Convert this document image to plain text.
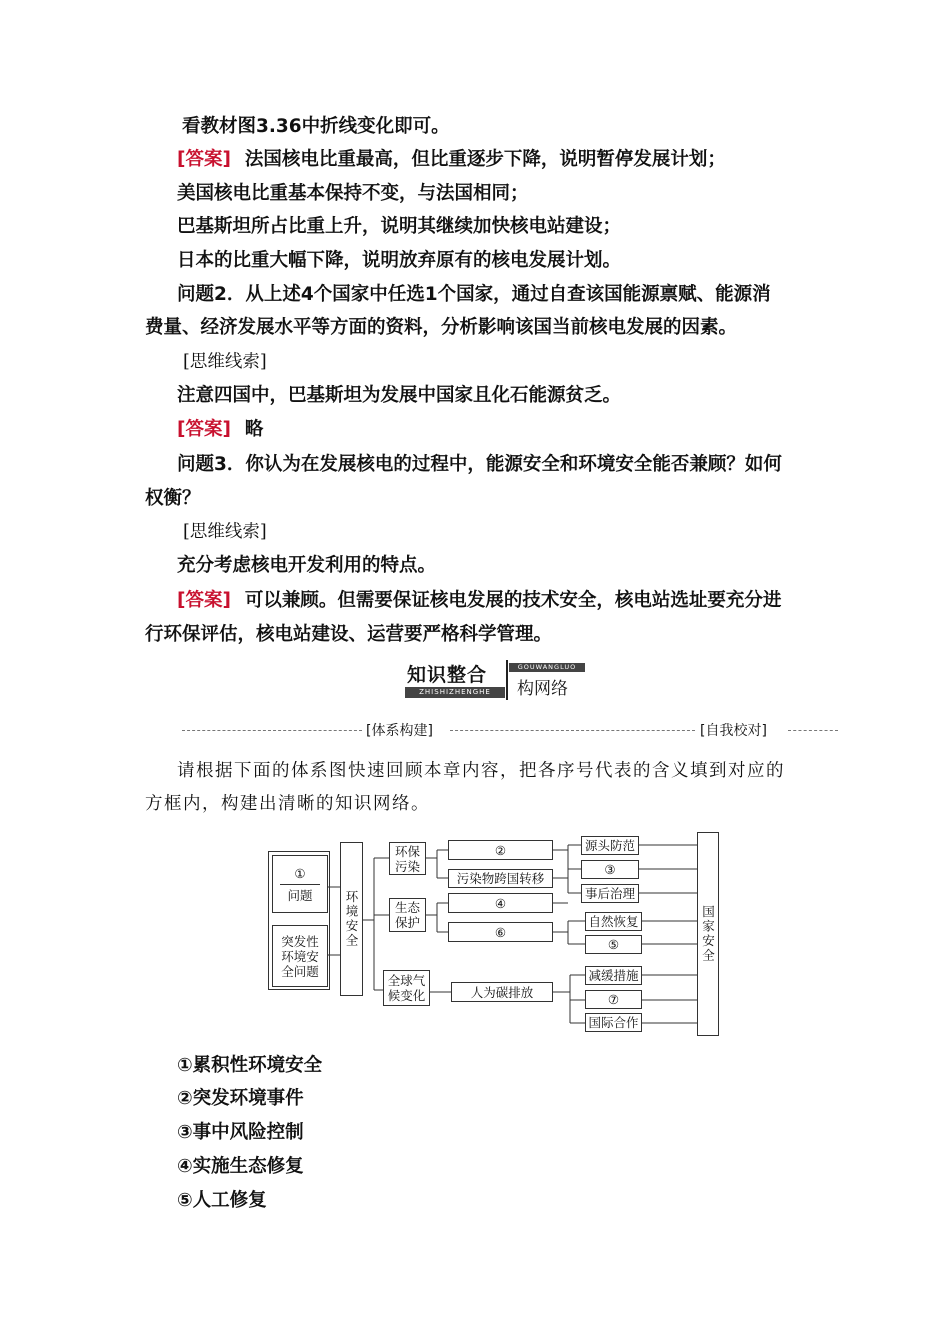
看教材图3.36中折线变化即可。
[答案] 法国核电比重最高，但比重逐步下降，说明暂停发展计划；
美国核电比重基本保持不变，与法国相同；
巴基斯坦所占比重上升，说明其继续加快核电站建设；
日本的比重大幅下降，说明放弃原有的核电发展计划。
问题2．从上述4个国家中任选1个国家，通过自查该国能源禀赋、能源消
费量、经济发展水平等方面的资料，分析影响该国当前核电发展的因素。
[思维线索]
注意四国中，巴基斯坦为发展中国家且化石能源贫乏。
[答案] 略
问题3．你认为在发展核电的过程中，能源安全和环境安全能否兼顾？如何
权衡？
[思维线索]
充分考虑核电开发利用的特点。
[答案] 可以兼顾。但需要保证核电发展的技术安全，核电站选址要充分进
行环保评估，核电站建设、运营要严格科学管理。
知识整合
ZHISHIZHENGHE
GOUWANGLUO
构网络
[体系构建]	[自我校对]
请根据下面的体系图快速回顾本章内容，把各序号代表的含义填到对应的
方框内，构建出清晰的知识网络。
①
问题
突发性环境安全问题
环境安全
环保污染
生态保护
全球气候变化
②
污染物跨国转移
④
⑥
人为碳排放
源头防范
③
事后治理
自然恢复
⑤
减缓措施
⑦
国际合作
国家安全
①累积性环境安全
②突发环境事件
③事中风险控制
④实施生态修复
⑤人工修复
